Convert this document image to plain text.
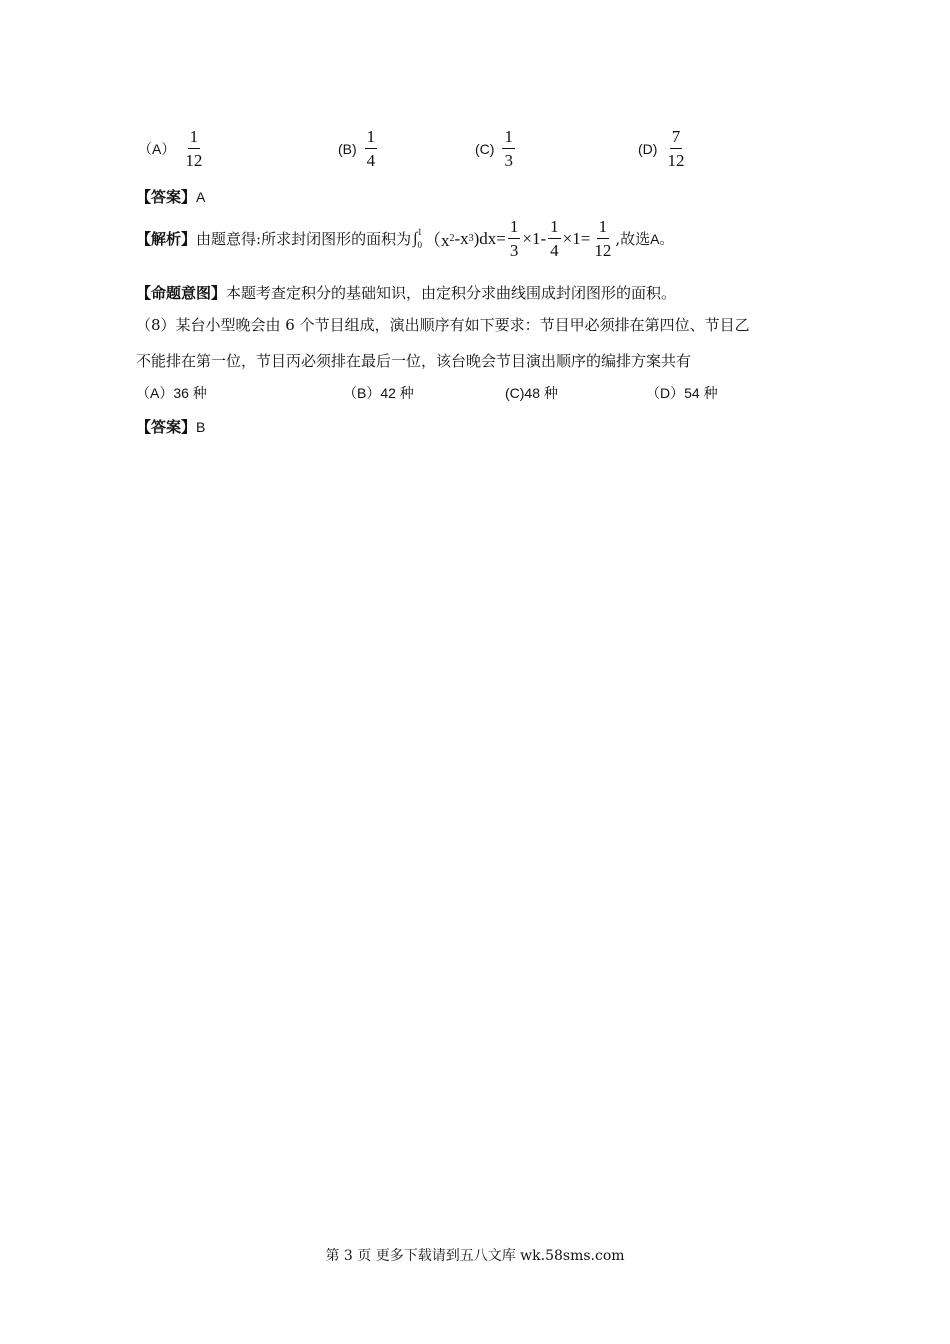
$(A) \frac{1}{12}$	$(B) \frac{1}{4}$	$(C) \frac{1}{3}$	$(D) \frac{7}{12}$
【答案】A
【解析】 由题意得:所求封闭图形的面积为 ∫ 1
0 （x 2 -x 3 )$dx= \frac{1}{3} \times 1- \frac{1}{4} \times 1= \frac{1}{12}$ ,故选 A。
【命题意图】本题考查定积分的基础知识，由定积分求曲线围成封闭图形的面积。
（8）某台小型晚会由 6 个节目组成，演出顺序有如下要求：节目甲必须排在第四位、节目乙
不能排在第一位，节目丙必须排在最后一位，该台晚会节目演出顺序的编排方案共有
（A）36 种	（B）42 种	(C)48 种	（D）54 种
【答案】B
第 3 页 更多下载请到五八文库 wk.58sms.com
